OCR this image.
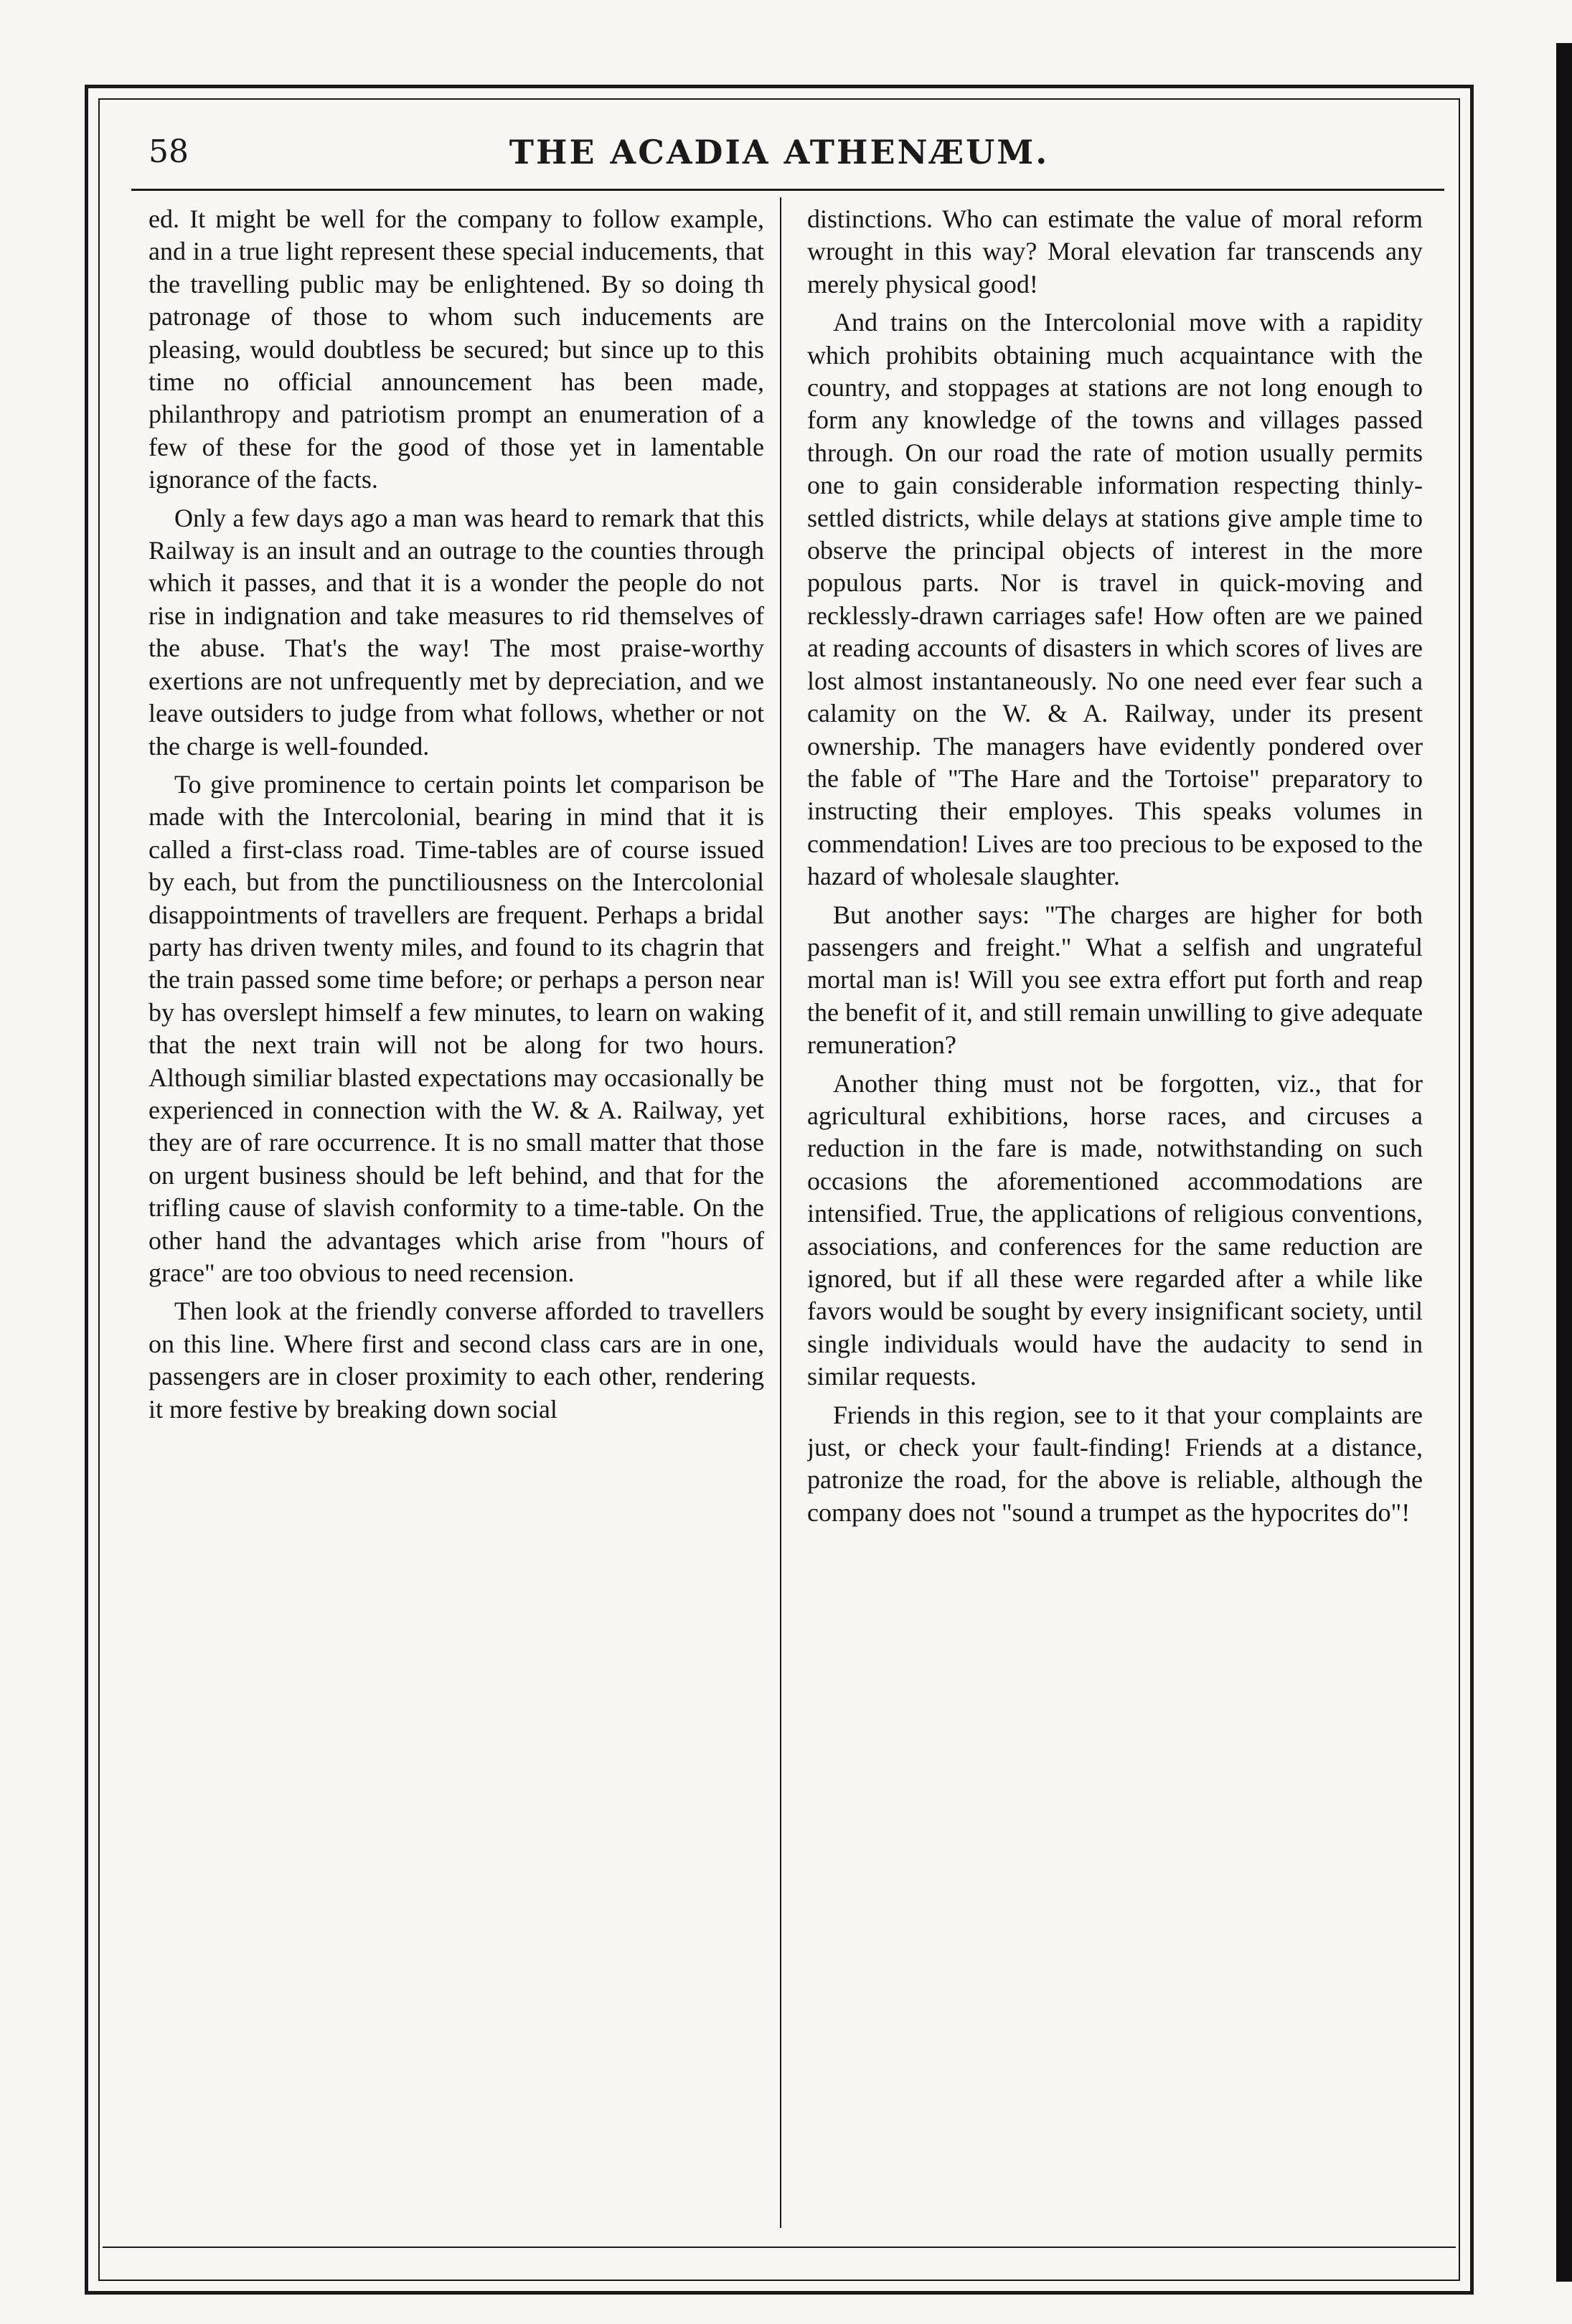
58	THE ACADIA ATHENÆUM.

ed. It might be well for the company to follow example, and in a true light represent these special inducements, that the travelling public may be enlightened. By so doing th patronage of those to whom such inducements are pleasing, would doubtless be secured; but since up to this time no official announcement has been made, philanthropy and patriotism prompt an enumeration of a few of these for the good of those yet in lamentable ignorance of the facts.

Only a few days ago a man was heard to remark that this Railway is an insult and an outrage to the counties through which it passes, and that it is a wonder the people do not rise in indignation and take measures to rid themselves of the abuse. That's the way! The most praise-worthy exertions are not unfrequently met by depreciation, and we leave outsiders to judge from what follows, whether or not the charge is well-founded.

To give prominence to certain points let comparison be made with the Intercolonial, bearing in mind that it is called a first-class road. Time-tables are of course issued by each, but from the punctiliousness on the Intercolonial disappointments of travellers are frequent. Perhaps a bridal party has driven twenty miles, and found to its chagrin that the train passed some time before; or perhaps a person near by has overslept himself a few minutes, to learn on waking that the next train will not be along for two hours. Although similiar blasted expectations may occasionally be experienced in connection with the W. & A. Railway, yet they are of rare occurrence. It is no small matter that those on urgent business should be left behind, and that for the trifling cause of slavish conformity to a time-table. On the other hand the advantages which arise from "hours of grace" are too obvious to need recension.

Then look at the friendly converse afforded to travellers on this line. Where first and second class cars are in one, passengers are in closer proximity to each other, rendering it more festive by breaking down social

distinctions. Who can estimate the value of moral reform wrought in this way? Moral elevation far transcends any merely physical good!

And trains on the Intercolonial move with a rapidity which prohibits obtaining much acquaintance with the country, and stoppages at stations are not long enough to form any knowledge of the towns and villages passed through. On our road the rate of motion usually permits one to gain considerable information respecting thinly-settled districts, while delays at stations give ample time to observe the principal objects of interest in the more populous parts. Nor is travel in quick-moving and recklessly-drawn carriages safe! How often are we pained at reading accounts of disasters in which scores of lives are lost almost instantaneously. No one need ever fear such a calamity on the W. & A. Railway, under its present ownership. The managers have evidently pondered over the fable of "The Hare and the Tortoise" preparatory to instructing their employes. This speaks volumes in commendation! Lives are too precious to be exposed to the hazard of wholesale slaughter.

But another says: "The charges are higher for both passengers and freight." What a selfish and ungrateful mortal man is! Will you see extra effort put forth and reap the benefit of it, and still remain unwilling to give adequate remuneration?

Another thing must not be forgotten, viz., that for agricultural exhibitions, horse races, and circuses a reduction in the fare is made, notwithstanding on such occasions the aforementioned accommodations are intensified. True, the applications of religious conventions, associations, and conferences for the same reduction are ignored, but if all these were regarded after a while like favors would be sought by every insignificant society, until single individuals would have the audacity to send in similar requests.

Friends in this region, see to it that your complaints are just, or check your fault-finding! Friends at a distance, patronize the road, for the above is reliable, although the company does not "sound a trumpet as the hypocrites do"!
